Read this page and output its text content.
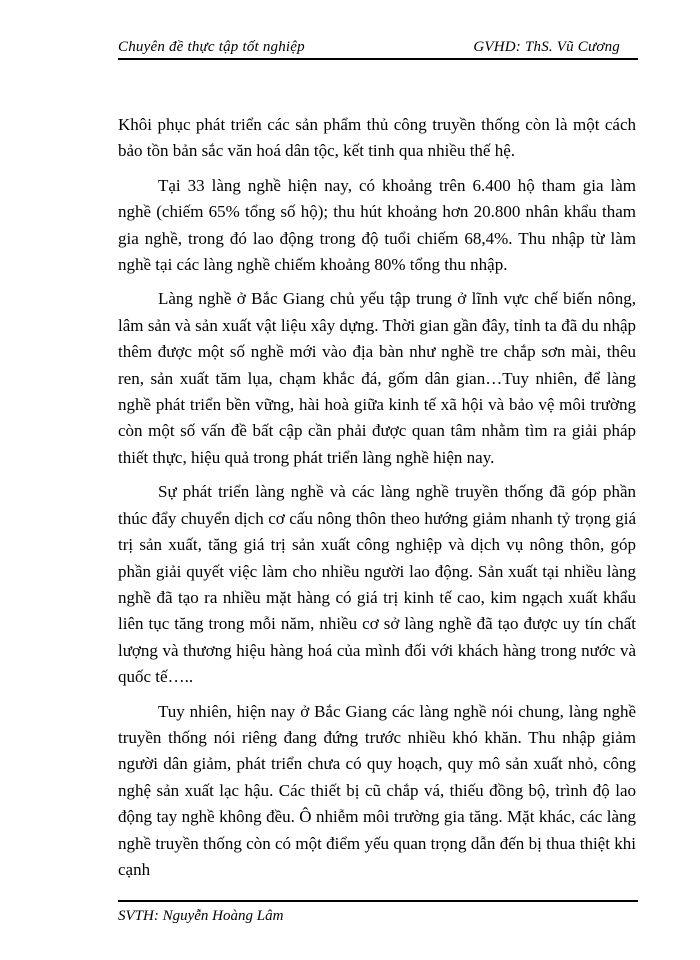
Chuyên đề thực tập tốt nghiệp	GVHD: ThS. Vũ Cương

Khôi phục phát triển các sản phẩm thủ công truyền thống còn là một cách bảo tồn bản sắc văn hoá dân tộc, kết tinh qua nhiều thế hệ.

Tại 33 làng nghề hiện nay, có khoảng trên 6.400 hộ tham gia làm nghề (chiếm 65% tổng số hộ); thu hút khoảng hơn 20.800 nhân khẩu tham gia nghề, trong đó lao động trong độ tuổi chiếm 68,4%. Thu nhập từ làm nghề tại các làng nghề chiếm khoảng 80% tổng thu nhập.

Làng nghề ở Bắc Giang chủ yếu tập trung ở lĩnh vực chế biến nông, lâm sản và sản xuất vật liệu xây dựng. Thời gian gần đây, tỉnh ta đã du nhập thêm được một số nghề mới vào địa bàn như nghề tre chắp sơn mài, thêu ren, sản xuất tăm lụa, chạm khắc đá, gốm dân gian…Tuy nhiên, để làng nghề phát triển bền vững, hài hoà giữa kinh tế xã hội và bảo vệ môi trường còn một số vấn đề bất cập cần phải được quan tâm nhằm tìm ra giải pháp thiết thực, hiệu quả trong phát triển làng nghề hiện nay.

Sự phát triển làng nghề và các làng nghề truyền thống đã góp phần thúc đẩy chuyển dịch cơ cấu nông thôn theo hướng giảm nhanh tỷ trọng giá trị sản xuất, tăng giá trị sản xuất công nghiệp và dịch vụ nông thôn, góp phần giải quyết việc làm cho nhiều người lao động. Sản xuất tại nhiều làng nghề đã tạo ra nhiều mặt hàng có giá trị kinh tế cao, kim ngạch xuất khẩu liên tục tăng trong mỗi năm, nhiều cơ sở làng nghề đã tạo được uy tín chất lượng và thương hiệu hàng hoá của mình đối với khách hàng trong nước và quốc tế…..

Tuy nhiên, hiện nay ở Bắc Giang các làng nghề nói chung, làng nghề truyền thống nói riêng đang đứng trước nhiều khó khăn. Thu nhập giảm người dân giảm, phát triển chưa có quy hoạch, quy mô sản xuất nhỏ, công nghệ sản xuất lạc hậu. Các thiết bị cũ chắp vá, thiếu đồng bộ, trình độ lao động tay nghề không đều. Ô nhiễm môi trường gia tăng. Mặt khác, các làng nghề truyền thống còn có một điểm yếu quan trọng dẫn đến bị thua thiệt khi cạnh

SVTH: Nguyễn Hoàng Lâm
